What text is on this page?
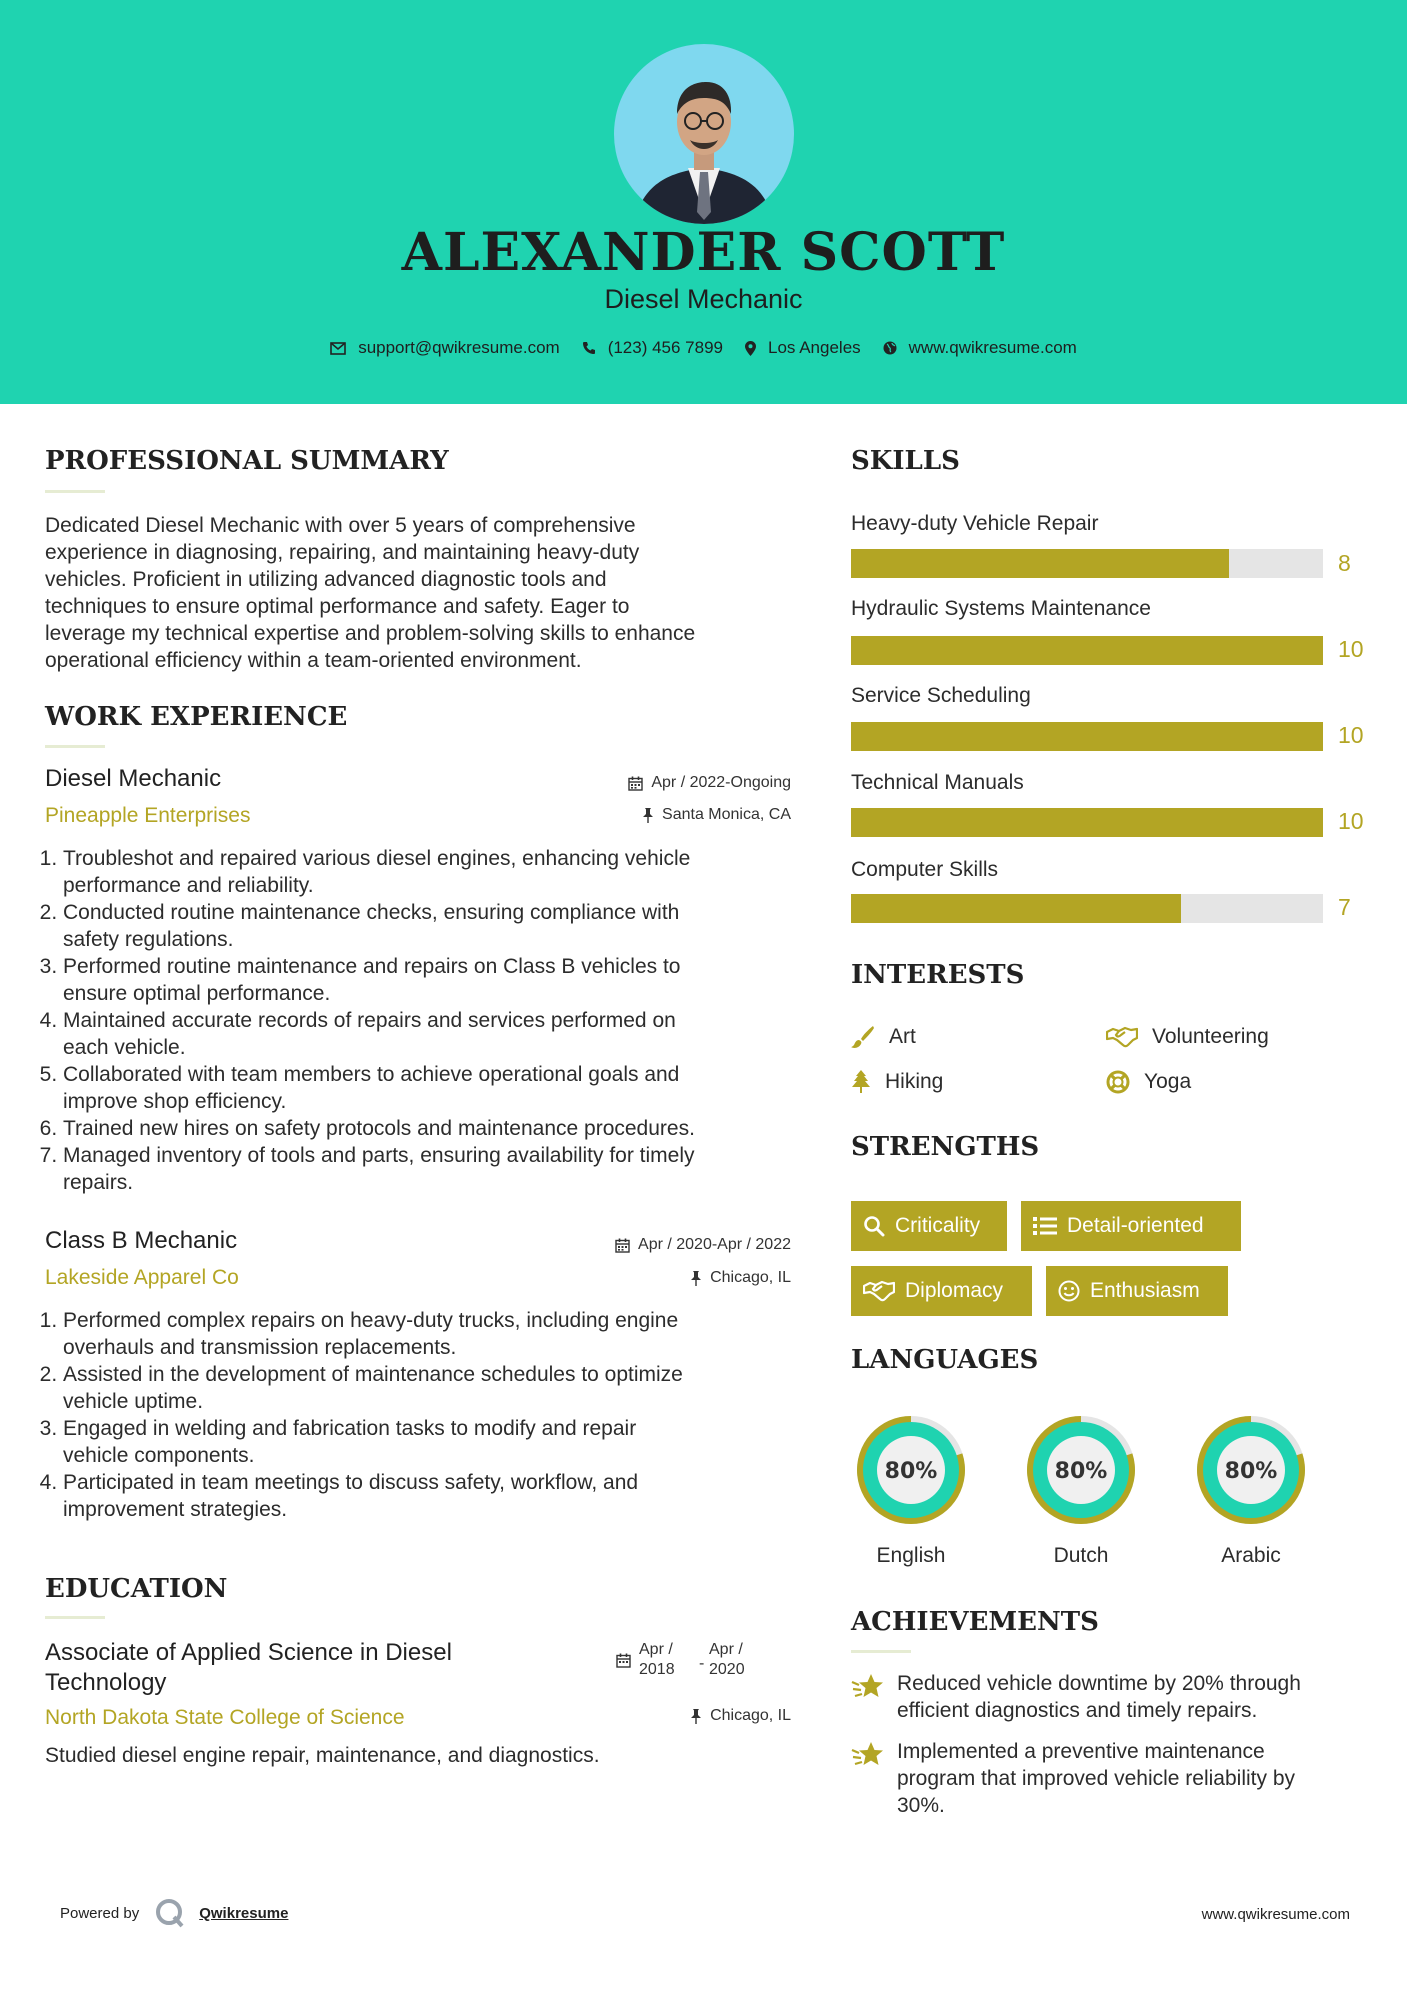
ALEXANDER SCOTT
Diesel Mechanic
support@qwikresume.com	(123) 456 7899	Los Angeles	www.qwikresume.com
PROFESSIONAL SUMMARY
Dedicated Diesel Mechanic with over 5 years of comprehensive
experience in diagnosing, repairing, and maintaining heavy-duty
vehicles. Proficient in utilizing advanced diagnostic tools and
techniques to ensure optimal performance and safety. Eager to
leverage my technical expertise and problem-solving skills to enhance
operational efficiency within a team-oriented environment.
WORK EXPERIENCE
Diesel Mechanic
Pineapple Enterprises
Apr / 2022-Ongoing
Santa Monica, CA
1. Troubleshot and repaired various diesel engines, enhancing vehicle
performance and reliability.
2. Conducted routine maintenance checks, ensuring compliance with
safety regulations.
3. Performed routine maintenance and repairs on Class B vehicles to
ensure optimal performance.
4. Maintained accurate records of repairs and services performed on
each vehicle.
5. Collaborated with team members to achieve operational goals and
improve shop efficiency.
6. Trained new hires on safety protocols and maintenance procedures.
7. Managed inventory of tools and parts, ensuring availability for timely
repairs.
Class B Mechanic
Lakeside Apparel Co
Apr / 2020-Apr / 2022
Chicago, IL
1. Performed complex repairs on heavy-duty trucks, including engine
overhauls and transmission replacements.
2. Assisted in the development of maintenance schedules to optimize
vehicle uptime.
3. Engaged in welding and fabrication tasks to modify and repair
vehicle components.
4. Participated in team meetings to discuss safety, workflow, and
improvement strategies.
EDUCATION
Associate of Applied Science in Diesel
Technology
Apr /
2018	-
Apr /
2020
North Dakota State College of Science	Chicago, IL
Studied diesel engine repair, maintenance, and diagnostics.
SKILLS
Heavy-duty Vehicle Repair
8
Hydraulic Systems Maintenance
10
Service Scheduling
10
Technical Manuals
10
Computer Skills
7
INTERESTS
Art	Volunteering
Hiking	Yoga
STRENGTHS
Criticality	Detail-oriented
Diplomacy	Enthusiasm
LANGUAGES
80%
English
80%
Dutch
80%
Arabic
ACHIEVEMENTS
Reduced vehicle downtime by 20% through
efficient diagnostics and timely repairs.
Implemented a preventive maintenance
program that improved vehicle reliability by
30%.
Powered by	Qwikresume	www.qwikresume.com
